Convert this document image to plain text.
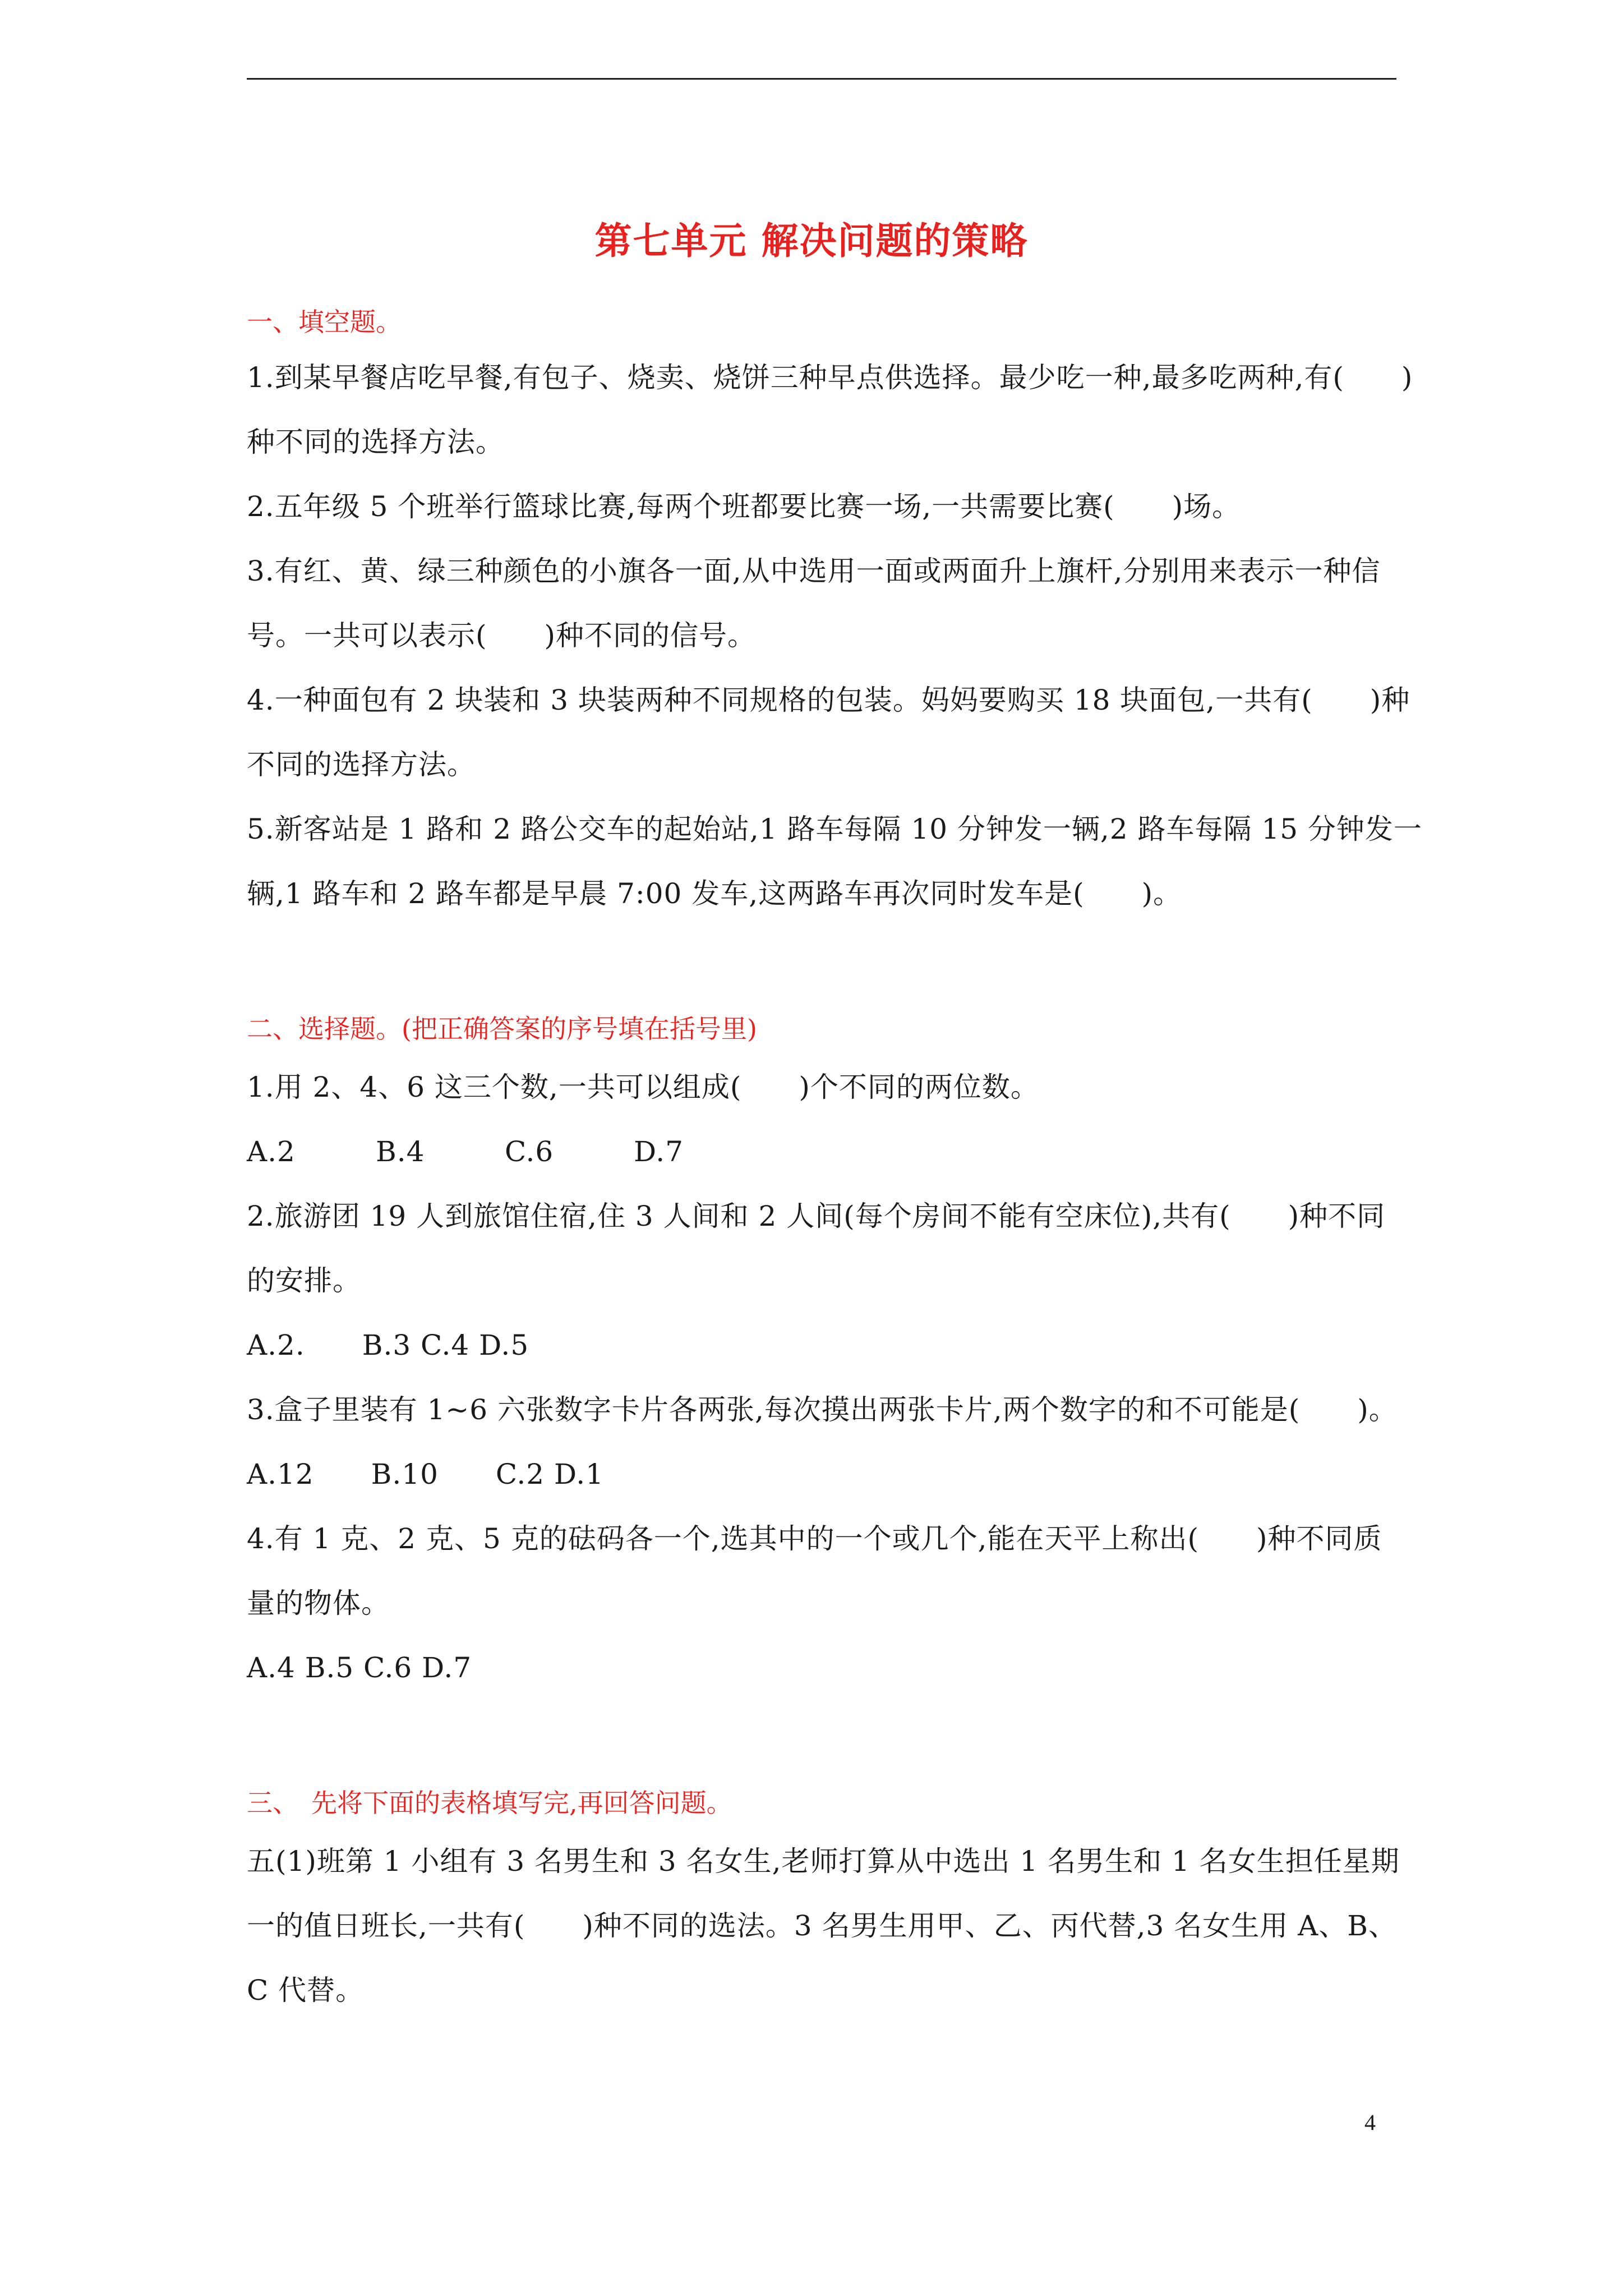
第七单元 解决问题的策略
一、填空题。
1.到某早餐店吃早餐,有包子、烧卖、烧饼三种早点供选择。最少吃一种,最多吃两种,有(　　)
种不同的选择方法。
2.五年级 5 个班举行篮球比赛,每两个班都要比赛一场,一共需要比赛(　　)场。
3.有红、黄、绿三种颜色的小旗各一面,从中选用一面或两面升上旗杆,分别用来表示一种信
号。一共可以表示(　　)种不同的信号。
4.一种面包有 2 块装和 3 块装两种不同规格的包装。妈妈要购买 18 块面包,一共有(　　)种
不同的选择方法。
5.新客站是 1 路和 2 路公交车的起始站,1 路车每隔 10 分钟发一辆,2 路车每隔 15 分钟发一
辆,1 路车和 2 路车都是早晨 7:00 发车,这两路车再次同时发车是(　　)。
二、选择题。(把正确答案的序号填在括号里)
1.用 2、4、6 这三个数,一共可以组成(　　)个不同的两位数。
A.2	B.4	C.6	D.7
2.旅游团 19 人到旅馆住宿,住 3 人间和 2 人间(每个房间不能有空床位),共有(　　)种不同
的安排。
A.2.　　B.3 C.4 D.5
3.盒子里装有 1~6 六张数字卡片各两张,每次摸出两张卡片,两个数字的和不可能是(　　)。
A.12　　B.10　　C.2 D.1
4.有 1 克、2 克、5 克的砝码各一个,选其中的一个或几个,能在天平上称出(　　)种不同质
量的物体。
A.4 B.5 C.6 D.7
三、　先将下面的表格填写完,再回答问题。
五(1)班第 1 小组有 3 名男生和 3 名女生,老师打算从中选出 1 名男生和 1 名女生担任星期
一的值日班长,一共有(　　)种不同的选法。3 名男生用甲、乙、丙代替,3 名女生用 A、B、
C 代替。
4
